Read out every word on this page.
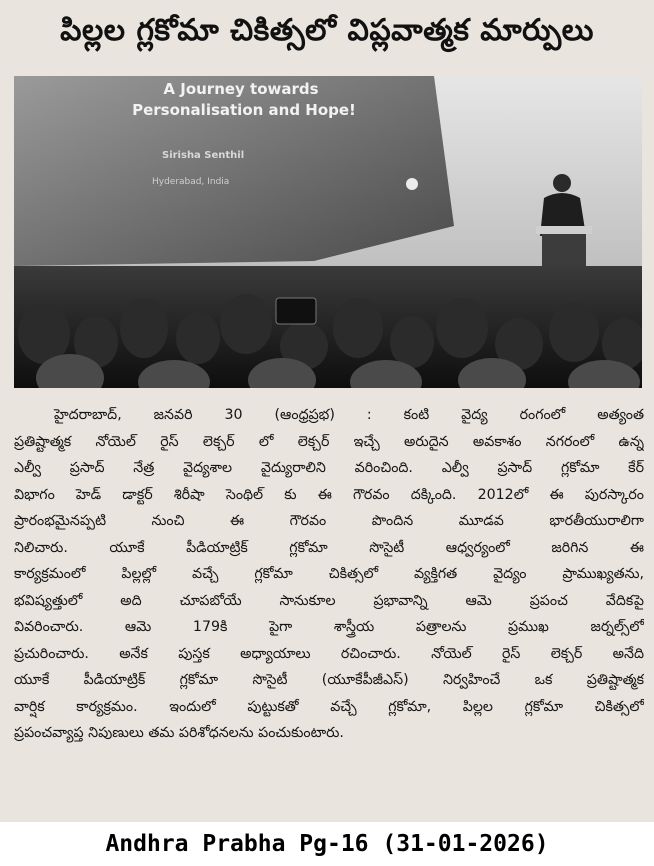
పిల్లల గ్లకోమా చికిత్సలో విప్లవాత్మక మార్పులు
A Journey towards
Personalisation and Hope!
Sirisha Senthil
Hyderabad, India
హైదరాబాద్, జనవరి 30 (ఆంధ్రప్రభ) : కంటి వైద్య రంగంలో అత్యంత
ప్రతిష్టాత్మక నోయెల్ రైస్ లెక్చర్ లో లెక్చర్ ఇచ్చే అరుదైన అవకాశం నగరంలో ఉన్న
ఎల్వీ ప్రసాద్ నేత్ర వైద్యశాల వైద్యురాలిని వరించింది. ఎల్వీ ప్రసాద్ గ్లకోమా కేర్
విభాగం హెడ్ డాక్టర్ శిరీషా సెంథిల్ కు ఈ గౌరవం దక్కింది. 2012లో ఈ పురస్కారం
ప్రారంభమైనప్పటి నుంచి ఈ గౌరవం పొందిన మూడవ భారతీయురాలిగా
నిలిచారు. యూకే పీడియాట్రిక్ గ్లకోమా సొసైటీ ఆధ్వర్యంలో జరిగిన ఈ
కార్యక్రమంలో పిల్లల్లో వచ్చే గ్లకోమా చికిత్సలో వ్యక్తిగత వైద్యం ప్రాముఖ్యతను,
భవిష్యత్తులో అది చూపబోయే సానుకూల ప్రభావాన్ని ఆమె ప్రపంచ వేదికపై
వివరించారు. ఆమె 179కి పైగా శాస్త్రీయ పత్రాలను ప్రముఖ జర్నల్స్‌లో
ప్రచురించారు. అనేక పుస్తక అధ్యాయాలు రచించారు. నోయెల్ రైస్ లెక్చర్ అనేది
యూకే పీడియాట్రిక్ గ్లకోమా సొసైటీ (యూకేపీజీఎస్) నిర్వహించే ఒక ప్రతిష్టాత్మక
వార్షిక కార్యక్రమం. ఇందులో పుట్టుకతో వచ్చే గ్లకోమా, పిల్లల గ్లకోమా చికిత్సలో
ప్రపంచవ్యాప్త నిపుణులు తమ పరిశోధనలను పంచుకుంటారు.
Andhra Prabha Pg-16 (31-01-2026)
